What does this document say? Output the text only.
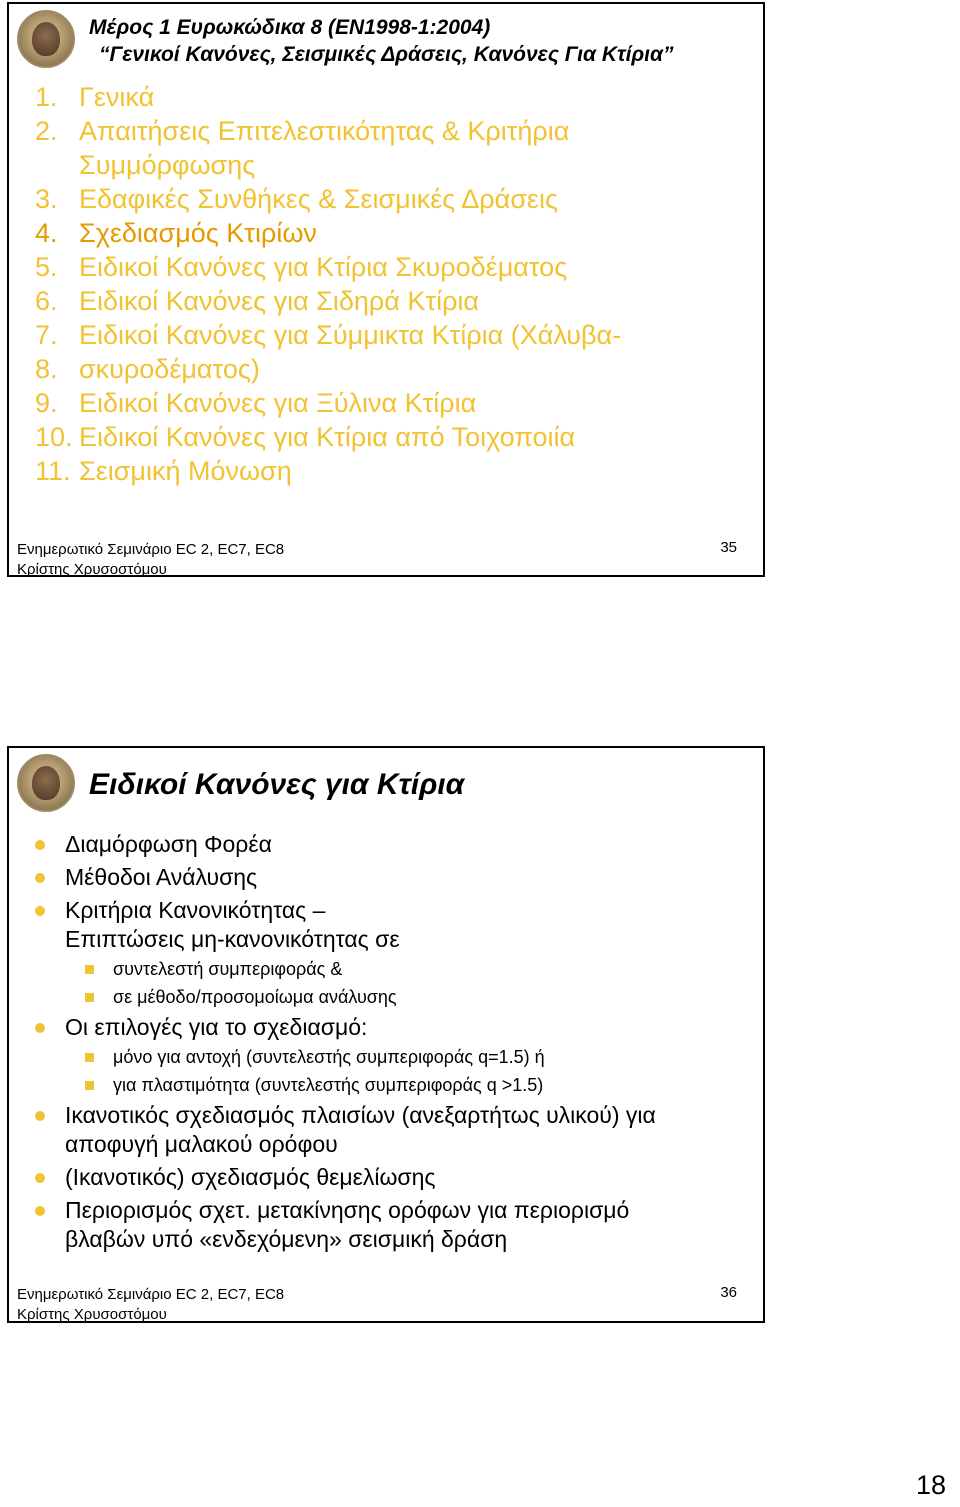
Μέρος 1 Ευρωκώδικα 8 (ΕΝ1998-1:2004)
“Γενικοί Κανόνες, Σεισμικές Δράσεις, Κανόνες Για Κτίρια”
1. Γενικά
2. Απαιτήσεις Επιτελεστικότητας & Κριτήρια Συμμόρφωσης
3. Εδαφικές Συνθήκες & Σεισμικές Δράσεις
4. Σχεδιασμός Κτιρίων
5. Ειδικοί Κανόνες για Κτίρια Σκυροδέματος
6. Ειδικοί Κανόνες για Σιδηρά Κτίρια
7. Ειδικοί Κανόνες για Σύμμικτα Κτίρια (Χάλυβα-
8. σκυροδέματος)
9. Ειδικοί Κανόνες για Ξύλινα Κτίρια
10. Ειδικοί Κανόνες για Κτίρια από Τοιχοποιία
11. Σεισμική Μόνωση
Ενημερωτικό Σεμινάριο EC 2, EC7, EC8
Κρίστης Χρυσοστόμου
35
Ειδικοί Κανόνες για Κτίρια
Διαμόρφωση Φορέα
Μέθοδοι Ανάλυσης
Κριτήρια Κανονικότητας –
Επιπτώσεις μη-κανονικότητας σε
συντελεστή συμπεριφοράς &
σε μέθοδο/προσομοίωμα ανάλυσης
Οι επιλογές για το σχεδιασμό:
μόνο για αντοχή (συντελεστής συμπεριφοράς q=1.5) ή
για πλαστιμότητα (συντελεστής συμπεριφοράς q >1.5)
Ικανοτικός σχεδιασμός πλαισίων (ανεξαρτήτως υλικού) για
αποφυγή μαλακού ορόφου
(Ικανοτικός) σχεδιασμός θεμελίωσης
Περιορισμός σχετ. μετακίνησης ορόφων για περιορισμό
βλαβών υπό «ενδεχόμενη» σεισμική δράση
Ενημερωτικό Σεμινάριο EC 2, EC7, EC8
Κρίστης Χρυσοστόμου
36
18
